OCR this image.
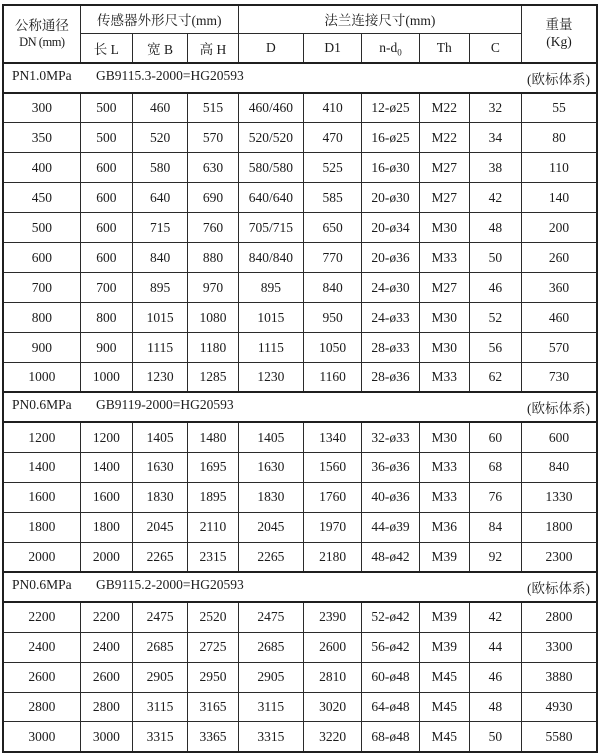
公称通径
DN (mm)	传感器外形尺寸(mm)			法兰连接尺寸(mm)					重量
(Kg)

	长 L	宽 B	高 H	D	D1	$n-d_0$	Th	C	
PN1.0MPa GB9115.3-2000=HG20593 (欧标体系)									

300	500	460	515	460/460	410	12-ø25	M22	32	55
350	500	520	570	520/520	470	16-ø25	M22	34	80
400	600	580	630	580/580	525	16-ø30	M27	38	110
450	600	640	690	640/640	585	20-ø30	M27	42	140
500	600	715	760	705/715	650	20-ø34	M30	48	200
600	600	840	880	840/840	770	20-ø36	M33	50	260
700	700	895	970	895	840	24-ø30	M27	46	360
800	800	1015	1080	1015	950	24-ø33	M30	52	460
900	900	1115	1180	1115	1050	28-ø33	M30	56	570
1000	1000	1230	1285	1230	1160	28-ø36	M33	62	730
PN0.6MPa GB9119-2000=HG20593 (欧标体系)									

1200	1200	1405	1480	1405	1340	32-ø33	M30	60	600
1400	1400	1630	1695	1630	1560	36-ø36	M33	68	840
1600	1600	1830	1895	1830	1760	40-ø36	M33	76	1330
1800	1800	2045	2110	2045	1970	44-ø39	M36	84	1800
2000	2000	2265	2315	2265	2180	48-ø42	M39	92	2300
PN0.6MPa GB9115.2-2000=HG20593 (欧标体系)									

2200	2200	2475	2520	2475	2390	52-ø42	M39	42	2800
2400	2400	2685	2725	2685	2600	56-ø42	M39	44	3300
2600	2600	2905	2950	2905	2810	60-ø48	M45	46	3880
2800	2800	3115	3165	3115	3020	64-ø48	M45	48	4930
3000	3000	3315	3365	3315	3220	68-ø48	M45	50	5580
